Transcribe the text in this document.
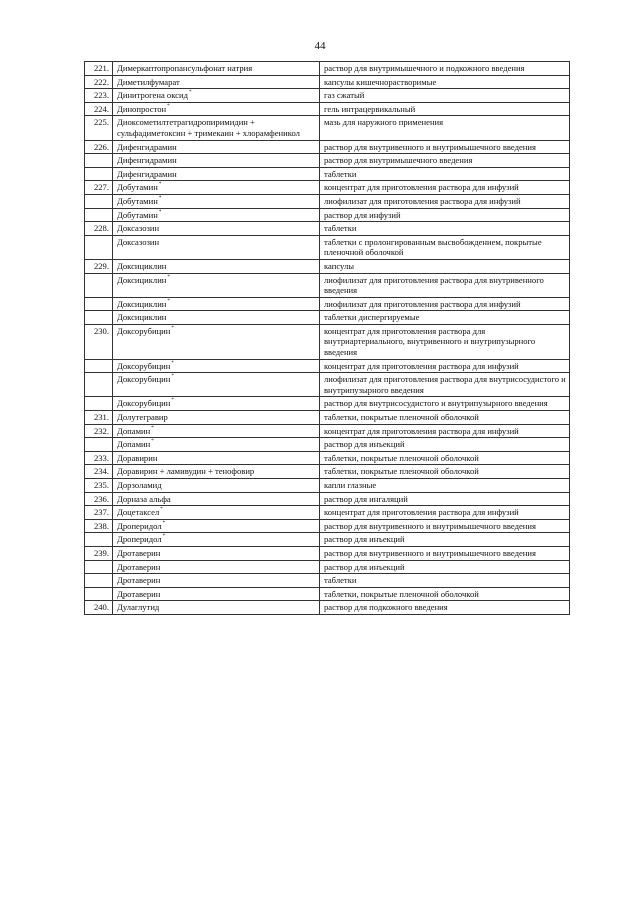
44
221.	Димеркаптопропансульфонат натрия	раствор для внутримышечного и подкожного введения
222.	Диметилфумарат	капсулы кишечнорастворимые
223.	Динитрогена оксид*	газ сжатый
224.	Динопростон*	гель интрацервикальный
225.	Диоксометилтетрагидропиримидин + сульфадиметоксин + тримекаин + хлорамфеникол	мазь для наружного применения
226.	Дифенгидрамин	раствор для внутривенного и внутримышечного введения
	Дифенгидрамин	раствор для внутримышечного введения
	Дифенгидрамин	таблетки
227.	Добутамин*	концентрат для приготовления раствора для инфузий
	Добутамин*	лиофилизат для приготовления раствора для инфузий
	Добутамин*	раствор для инфузий
228.	Доксазозин	таблетки
	Доксазозин	таблетки с пролонгированным высвобождением, покрытые пленочной оболочкой
229.	Доксициклин	капсулы
	Доксициклин*	лиофилизат для приготовления раствора для внутривенного введения
	Доксициклин*	лиофилизат для приготовления раствора для инфузий
	Доксициклин	таблетки диспергируемые
230.	Доксорубицин*	концентрат для приготовления раствора для внутриартериального, внутривенного и внутрипузырного введения
	Доксорубицин*	концентрат для приготовления раствора для инфузий
	Доксорубицин*	лиофилизат для приготовления раствора для внутрисосудистого и внутрипузырного введения
	Доксорубицин*	раствор для внутрисосудистого и внутрипузырного введения
231.	Долутегравир	таблетки, покрытые пленочной оболочкой
232.	Допамин*	концентрат для приготовления раствора для инфузий
	Допамин*	раствор для инъекций
233.	Доравирин	таблетки, покрытые пленочной оболочкой
234.	Доравирин + ламивудин + тенофовир	таблетки, покрытые пленочной оболочкой
235.	Дорзоламид	капли глазные
236.	Дорназа альфа	раствор для ингаляций
237.	Доцетаксел*	концентрат для приготовления раствора для инфузий
238.	Дроперидол*	раствор для внутривенного и внутримышечного введения
	Дроперидол*	раствор для инъекций
239.	Дротаверин	раствор для внутривенного и внутримышечного введения
	Дротаверин	раствор для инъекций
	Дротаверин	таблетки
	Дротаверин	таблетки, покрытые пленочной оболочкой
240.	Дулаглутид	раствор для подкожного введения
